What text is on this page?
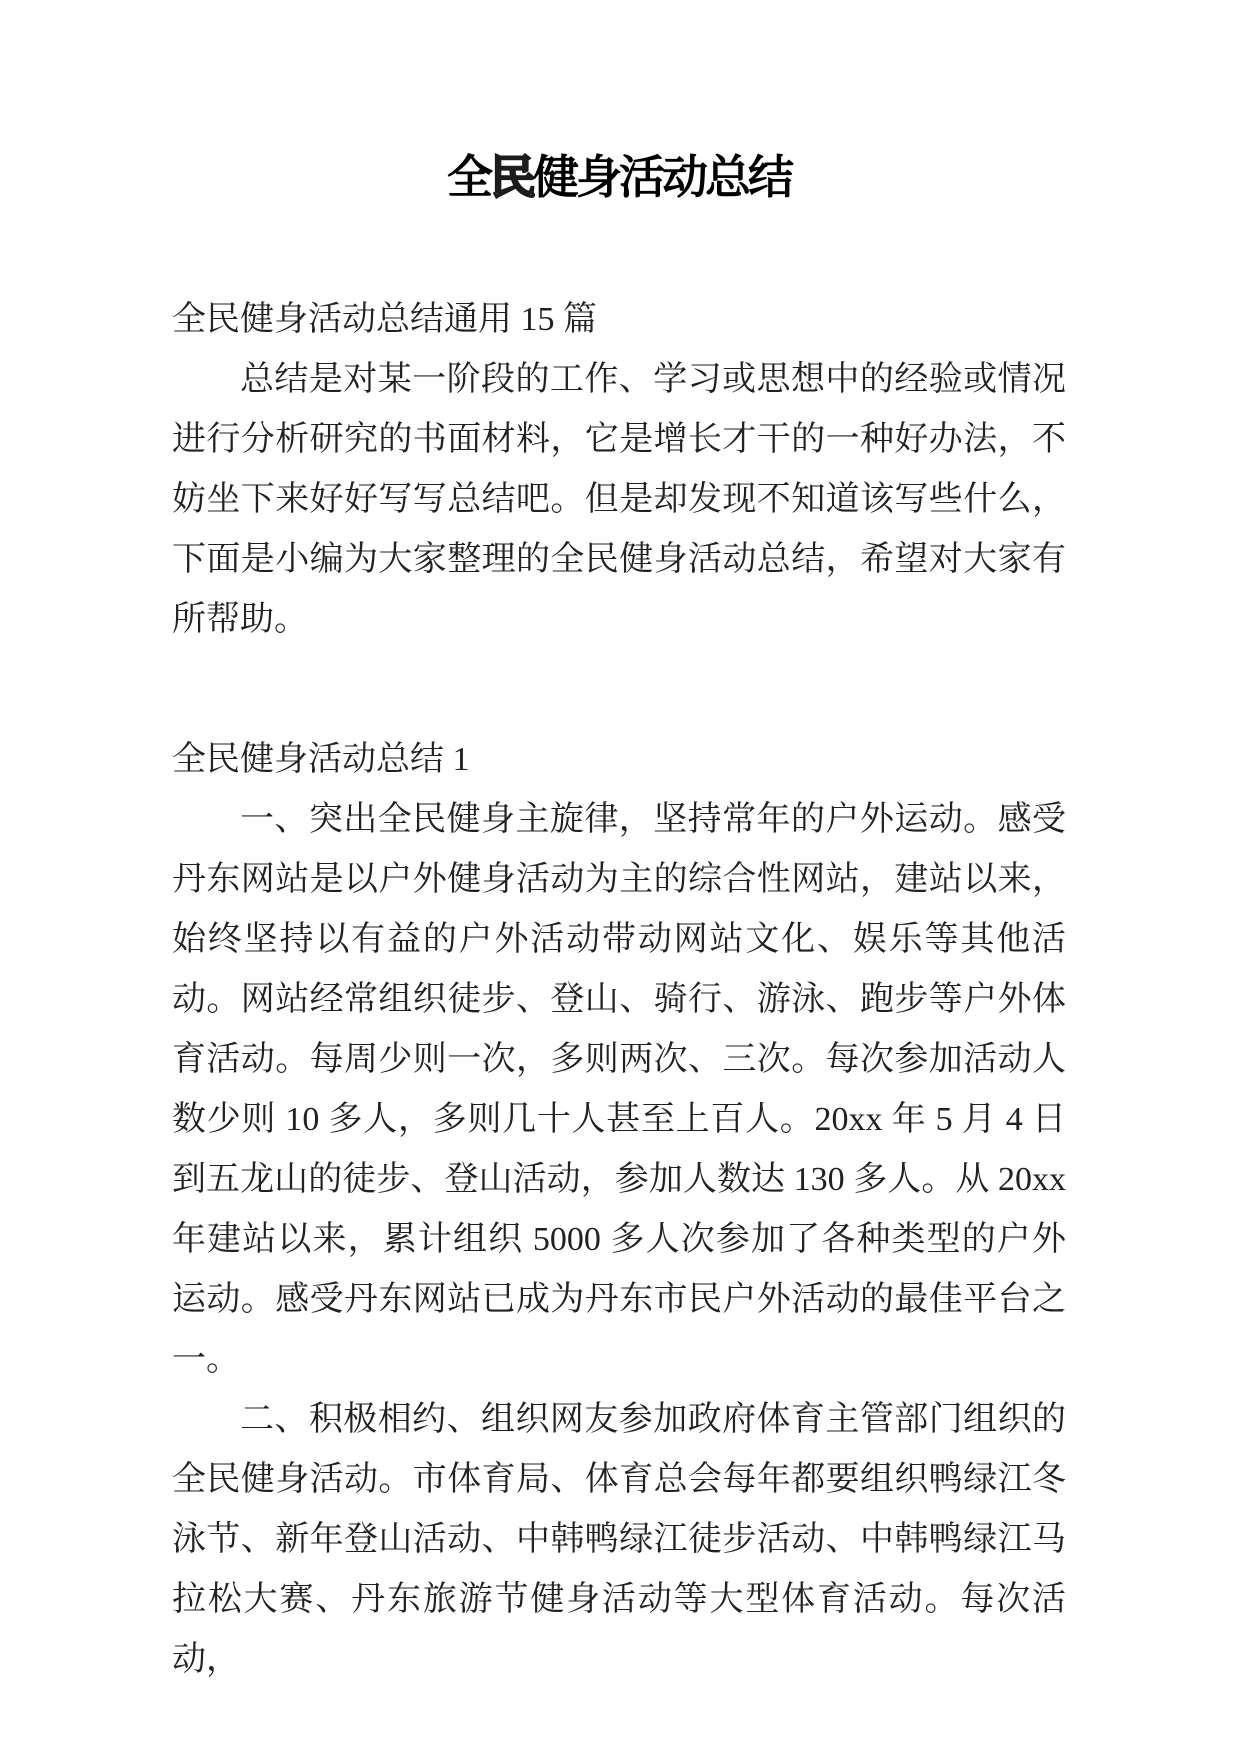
全民健身活动总结

全民健身活动总结通用 15 篇

总结是对某一阶段的工作、学习或思想中的经验或情况进行分析研究的书面材料，它是增长才干的一种好办法，不妨坐下来好好写写总结吧。但是却发现不知道该写些什么，下面是小编为大家整理的全民健身活动总结，希望对大家有所帮助。

全民健身活动总结 1

一、突出全民健身主旋律，坚持常年的户外运动。感受丹东网站是以户外健身活动为主的综合性网站，建站以来，始终坚持以有益的户外活动带动网站文化、娱乐等其他活动。网站经常组织徒步、登山、骑行、游泳、跑步等户外体育活动。每周少则一次，多则两次、三次。每次参加活动人数少则 10 多人，多则几十人甚至上百人。20xx 年 5 月 4 日到五龙山的徒步、登山活动，参加人数达 130 多人。从 20xx 年建站以来，累计组织 5000 多人次参加了各种类型的户外运动。感受丹东网站已成为丹东市民户外活动的最佳平台之一。

二、积极相约、组织网友参加政府体育主管部门组织的全民健身活动。市体育局、体育总会每年都要组织鸭绿江冬泳节、新年登山活动、中韩鸭绿江徒步活动、中韩鸭绿江马拉松大赛、丹东旅游节健身活动等大型体育活动。每次活动，
